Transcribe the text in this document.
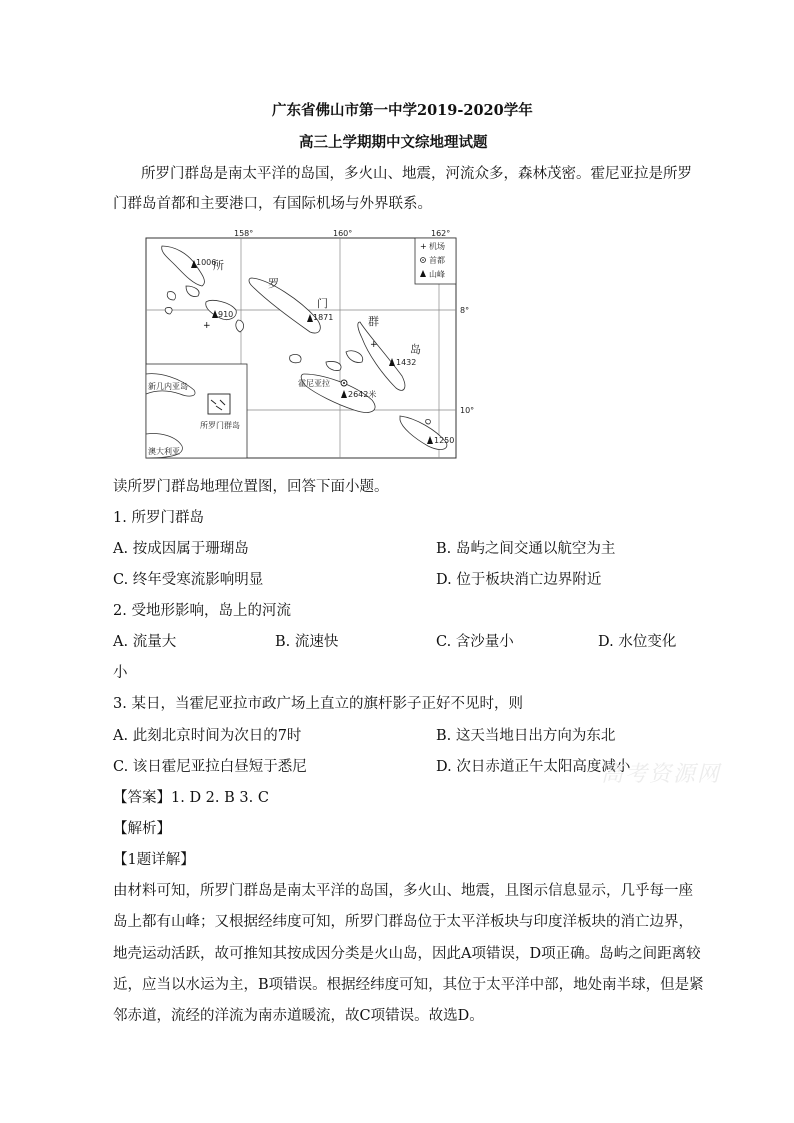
广东省佛山市第一中学2019-2020学年
高三上学期期中文综地理试题
所罗门群岛是南太平洋的岛国，多火山、地震，河流众多，森林茂密。霍尼亚拉是所罗
门群岛首都和主要港口，有国际机场与外界联系。
158°	160°	162°
8°
10°
+ 机场
首都
山峰
所
罗
门
群
岛
1006
910	1871
1432
2642米
1250
+
+
霍尼亚拉
新几内亚岛
所罗门群岛
澳大利亚
读所罗门群岛地理位置图，回答下面小题。
1. 所罗门群岛
A. 按成因属于珊瑚岛	B. 岛屿之间交通以航空为主
C. 终年受寒流影响明显	D. 位于板块消亡边界附近
2. 受地形影响，岛上的河流
A. 流量大	B. 流速快	C. 含沙量小	D. 水位变化
小
3. 某日，当霍尼亚拉市政广场上直立的旗杆影子正好不见时，则
A. 此刻北京时间为次日的7时	B. 这天当地日出方向为东北
C. 该日霍尼亚拉白昼短于悉尼	D. 次日赤道正午太阳高度减小
高考资源网
【答案】1. D 2. B 3. C
【解析】
【1题详解】
由材料可知，所罗门群岛是南太平洋的岛国，多火山、地震，且图示信息显示，几乎每一座
岛上都有山峰；又根据经纬度可知，所罗门群岛位于太平洋板块与印度洋板块的消亡边界，
地壳运动活跃，故可推知其按成因分类是火山岛，因此A项错误，D项正确。岛屿之间距离较
近，应当以水运为主，B项错误。根据经纬度可知，其位于太平洋中部，地处南半球，但是紧
邻赤道，流经的洋流为南赤道暖流，故C项错误。故选D。
